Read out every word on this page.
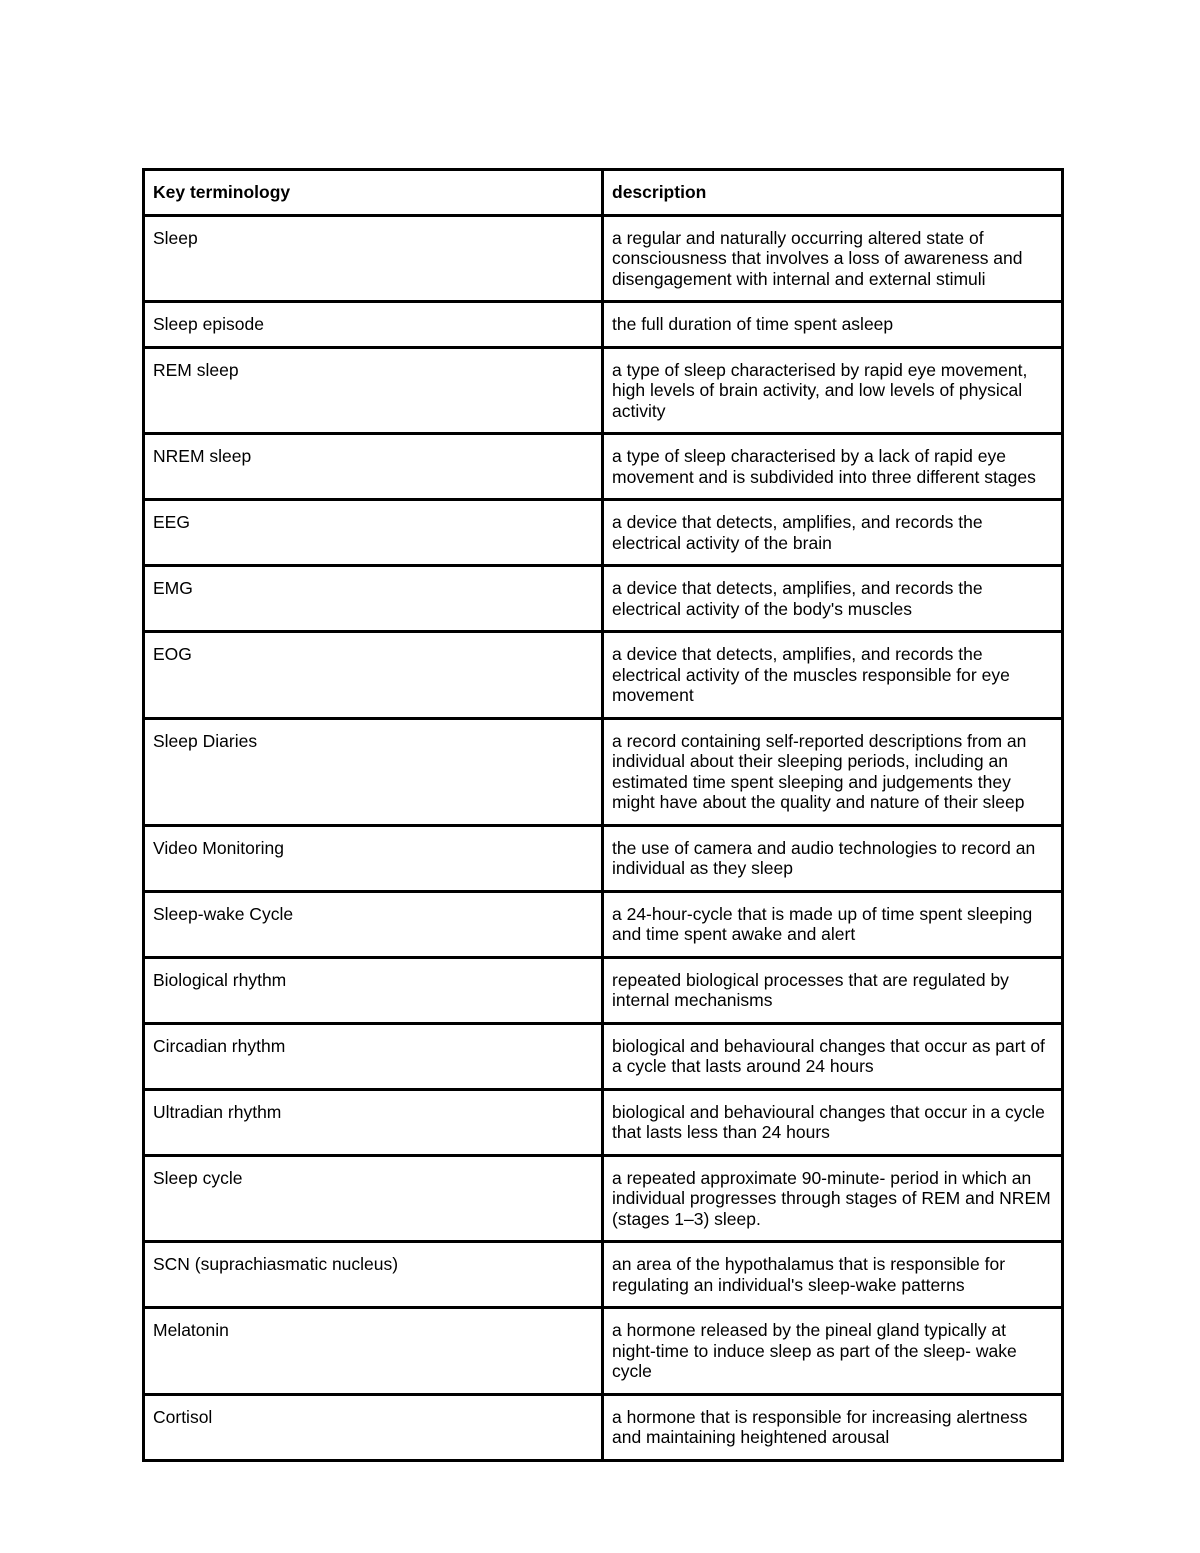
Key terminology	description
Sleep	a regular and naturally occurring altered state of consciousness that involves a loss of awareness and disengagement with internal and external stimuli
Sleep episode	the full duration of time spent asleep
REM sleep	a type of sleep characterised by rapid eye movement, high levels of brain activity, and low levels of physical activity
NREM sleep	a type of sleep characterised by a lack of rapid eye movement and is subdivided into three different stages
EEG	a device that detects, amplifies, and records the electrical activity of the brain
EMG	a device that detects, amplifies, and records the electrical activity of the body's muscles
EOG	a device that detects, amplifies, and records the electrical activity of the muscles responsible for eye movement
Sleep Diaries	a record containing self-reported descriptions from an individual about their sleeping periods, including an estimated time spent sleeping and judgements they might have about the quality and nature of their sleep
Video Monitoring	the use of camera and audio technologies to record an individual as they sleep
Sleep-wake Cycle	a 24-hour-cycle that is made up of time spent sleeping and time spent awake and alert
Biological rhythm	repeated biological processes that are regulated by internal mechanisms
Circadian rhythm	biological and behavioural changes that occur as part of a cycle that lasts around 24 hours
Ultradian rhythm	biological and behavioural changes that occur in a cycle that lasts less than 24 hours
Sleep cycle	a repeated approximate 90-minute- period in which an individual progresses through stages of REM and NREM (stages 1–3) sleep.
SCN (suprachiasmatic nucleus)	an area of the hypothalamus that is responsible for regulating an individual's sleep-wake patterns
Melatonin	a hormone released by the pineal gland typically at night-time to induce sleep as part of the sleep- wake cycle
Cortisol	a hormone that is responsible for increasing alertness and maintaining heightened arousal
